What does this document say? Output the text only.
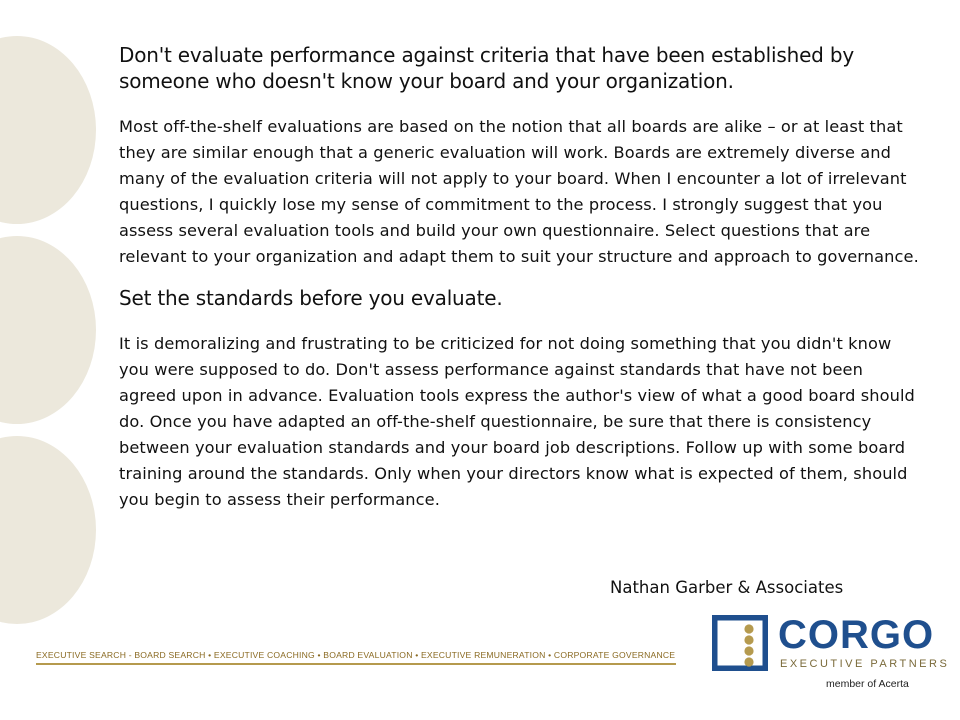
Don't evaluate performance against criteria that have been established by someone who doesn't know your board and your organization.

Most off-the-shelf evaluations are based on the notion that all boards are alike – or at least that they are similar enough that a generic evaluation will work. Boards are extremely diverse and many of the evaluation criteria will not apply to your board. When I encounter a lot of irrelevant questions, I quickly lose my sense of commitment to the process. I strongly suggest that you assess several evaluation tools and build your own questionnaire. Select questions that are relevant to your organization and adapt them to suit your structure and approach to governance.

Set the standards before you evaluate.

It is demoralizing and frustrating to be criticized for not doing something that you didn't know you were supposed to do. Don't assess performance against standards that have not been agreed upon in advance. Evaluation tools express the author's view of what a good board should do. Once you have adapted an off-the-shelf questionnaire, be sure that there is consistency between your evaluation standards and your board job descriptions. Follow up with some board training around the standards. Only when your directors know what is expected of them, should you begin to assess their performance.

Nathan Garber & Associates
EXECUTIVE SEARCH - BOARD SEARCH • EXECUTIVE COACHING • BOARD EVALUATION • EXECUTIVE REMUNERATION • CORPORATE GOVERNANCE	CORGO
EXECUTIVE PARTNERS
member of Acerta
